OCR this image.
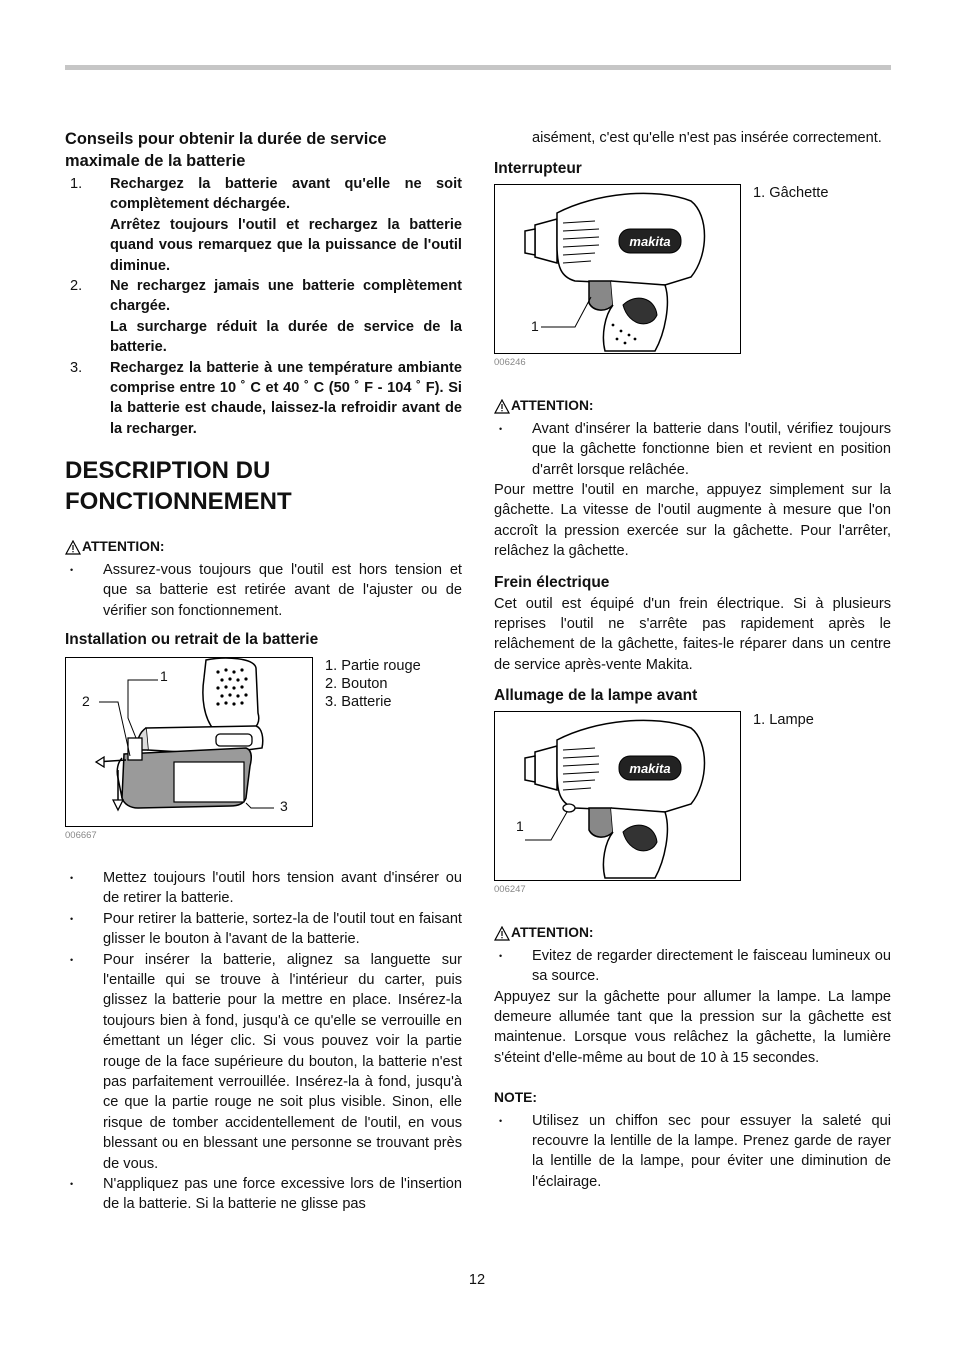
Conseils pour obtenir la durée de service maximale de la batterie
1.	Rechargez la batterie avant qu'elle ne soit complètement déchargée.
Arrêtez toujours l'outil et rechargez la batterie quand vous remarquez que la puissance de l'outil diminue.
2.	Ne rechargez jamais une batterie complètement chargée.
La surcharge réduit la durée de service de la batterie.
3.	Rechargez la batterie à une température ambiante comprise entre 10 ˚ C et 40 ˚ C (50 ˚ F - 104 ˚ F). Si la batterie est chaude, laissez-la refroidir avant de la recharger.
DESCRIPTION DU
FONCTIONNEMENT
ATTENTION:
•	Assurez-vous toujours que l'outil est hors tension et que sa batterie est retirée avant de l'ajuster ou de vérifier son fonctionnement.
Installation ou retrait de la batterie
1
2
3
006667
1. Partie rouge
2. Bouton
3. Batterie
•	Mettez toujours l'outil hors tension avant d'insérer ou de retirer la batterie.
•	Pour retirer la batterie, sortez-la de l'outil tout en faisant glisser le bouton à l'avant de la batterie.
•	Pour insérer la batterie, alignez sa languette sur l'entaille qui se trouve à l'intérieur du carter, puis glissez la batterie pour la mettre en place. Insérez-la toujours bien à fond, jusqu'à ce qu'elle se verrouille en émettant un léger clic. Si vous pouvez voir la partie rouge de la face supérieure du bouton, la batterie n'est pas parfaitement verrouillée. Insérez-la à fond, jusqu'à ce que la partie rouge ne soit plus visible. Sinon, elle risque de tomber accidentellement de l'outil, en vous blessant ou en blessant une personne se trouvant près de vous.
•	N'appliquez pas une force excessive lors de l'insertion de la batterie. Si la batterie ne glisse pas
aisément, c'est qu'elle n'est pas insérée correctement.
Interrupteur
makita
1
006246
1. Gâchette
ATTENTION:
•	Avant d'insérer la batterie dans l'outil, vérifiez toujours que la gâchette fonctionne bien et revient en position d'arrêt lorsque relâchée.
Pour mettre l'outil en marche, appuyez simplement sur la gâchette. La vitesse de l'outil augmente à mesure que l'on accroît la pression exercée sur la gâchette. Pour l'arrêter, relâchez la gâchette.
Frein électrique
Cet outil est équipé d'un frein électrique. Si à plusieurs reprises l'outil ne s'arrête pas rapidement après le relâchement de la gâchette, faites-le réparer dans un centre de service après-vente Makita.
Allumage de la lampe avant
makita
1
006247
1. Lampe
ATTENTION:
•	Evitez de regarder directement le faisceau lumineux ou sa source.
Appuyez sur la gâchette pour allumer la lampe. La lampe demeure allumée tant que la pression sur la gâchette est maintenue. Lorsque vous relâchez la gâchette, la lumière s'éteint d'elle-même au bout de 10 à 15 secondes.
NOTE:
•	Utilisez un chiffon sec pour essuyer la saleté qui recouvre la lentille de la lampe. Prenez garde de rayer la lentille de la lampe, pour éviter une diminution de l'éclairage.
12
